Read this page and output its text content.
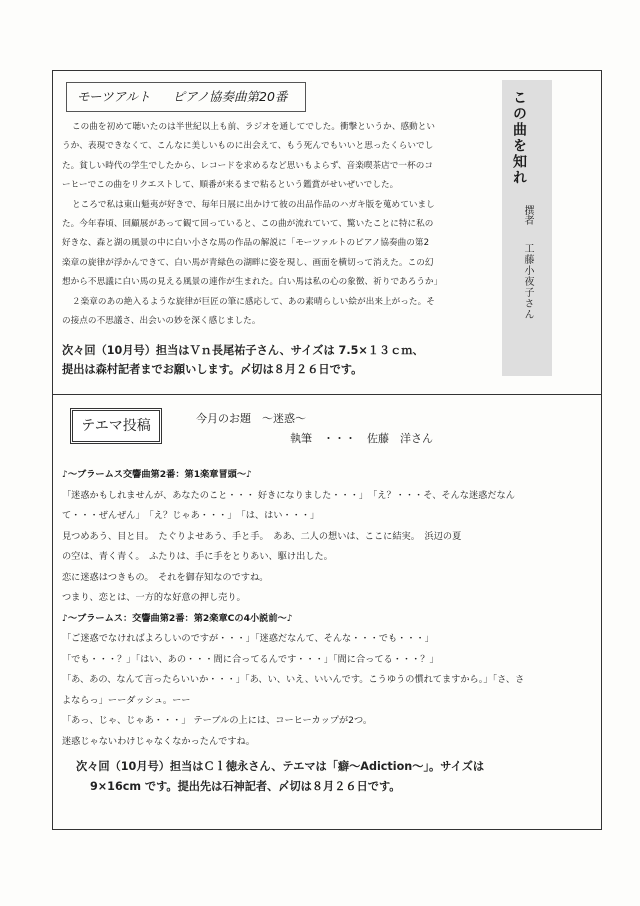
モーツアルト ピアノ協奏曲第20番

この曲を初めて聴いたのは半世紀以上も前、ラジオを通してでした。衝撃というか、感動とい

うか、表現できなくて、こんなに美しいものに出会えて、もう死んでもいいと思ったくらいでし

た。貧しい時代の学生でしたから、レコードを求めるなど思いもよらず、音楽喫茶店で一杯のコ

ーヒーでこの曲をリクエストして、順番が来るまで粘るという鑑賞がせいぜいでした。

ところで私は東山魁夷が好きで、毎年日展に出かけて彼の出品作品のハガキ版を蒐めていまし

た。今年春頃、回顧展があって観て回っていると、この曲が流れていて、驚いたことに特に私の

好きな、森と湖の風景の中に白い小さな馬の作品の解説に「モーツァルトのピアノ協奏曲の第2

楽章の旋律が浮かんできて、白い馬が青緑色の湖畔に姿を現し、画面を横切って消えた。この幻

想から不思議に白い馬の見える風景の連作が生まれた。白い馬は私の心の象徴、祈りであろうか」

２楽章のあの絶入るような旋律が巨匠の筆に感応して、あの素晴らしい絵が出来上がった。そ

の接点の不思議さ、出会いの妙を深く感じました。

次々回（10月号）担当はＶｎ長尾祐子さん、サイズは 7.5×１３ｃｍ、

提出は森村記者までお願いします。〆切は８月２６日です。

この曲を知れ
撰者
工藤小夜子さん
テエマ投稿	今月のお題　～迷惑～
執筆　・・・　佐藤　洋さん

♪～ブラームス交響曲第2番：第1楽章冒頭～♪

「迷惑かもしれませんが、あなたのこと・・・ 好きになりました・・・」　「え？・・・そ、そんな迷惑だなん

て・・・ぜんぜん」　「え？じゃあ・・・」　「は、はい・・・」

見つめあう、目と目。　たぐりよせあう、手と手。　ああ、二人の想いは、ここに結実。　浜辺の夏

の空は、青く青く。　ふたりは、手に手をとりあい、駆け出した。

恋に迷惑はつきもの。　それを御存知なのですね。

つまり、恋とは、一方的な好意の押し売り。

♪～ブラームス：交響曲第2番：第2楽章Cの4小説前～♪

「ご迷惑でなければよろしいのですが・・・」「迷惑だなんて、そんな・・・でも・・・」

「でも・・・？」「はい、あの・・・間に合ってるんです・・・」「間に合ってる・・・？」

「あ、あの、なんて言ったらいいか・・・」「あ、い、いえ、いいんです。こうゆうの慣れてますから。」「さ、さ

よならっ」ーーダッシュ。ーー

「あっ、じゃ、じゃあ・・・」 テーブルの上には、コーヒーカップが2つ。

迷惑じゃないわけじゃなくなかったんですね。

次々回（10月号）担当はＣｌ徳永さん、テエマは「癖～Adiction～」。サイズは

9×16cm です。提出先は石神記者、〆切は８月２６日です。
